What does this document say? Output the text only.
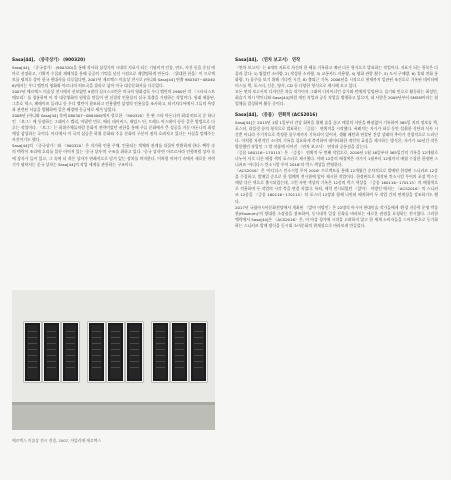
Sasa[44], 〈중국상가〉 (900320)

Sasa[44], 〈중국상가〉 (900320)을 통해 작사하 삼성가의 시대의 지표가 되는 기념비적 인물, 연도, 사건 등을 중심 매마로 선정하고, 기획적 수집과 재해석을 통해 공공의 기억을 낯선 시점으로 재발명하게 만든다. 〈위대한 한울〉이 프로젝트를 펼치루 상아 한국 현대사를 다루었다면, 2007년 제르엑스 미술상 전시로 (아니와 Sasa[44] 연출 980307~080406)에서는 우디 엘린의 영화와 마르나의 히트곡을 찰라로 삼아 미국 대중문화사를 다루었다.

2007년 에르엑스 미술상 전시에서 선보였던 9점의 실크스크린은 미국의 영화감독 우디 엘린의 1980년 작 〈스타더스트 메모리〉를 경유하여 이 작 대중영화의 원형을 만들어 낸 선결작 인용물의 실국 혹출을 기념하는 작업이다. 원래 제품된, 그후호 역스, 페레이즈 들러니 등 우디 엘린이 참조하고 인용했던 삼정의 인용물을 조사하고, 히키치디어에서 그들의 욕망과 관련된 서술을 발췌하여 같은 배경에 동급세로 세겨 넣었다.

2008년 (아니와 Sasa[44] 목에 080307~080406)에서 할로한 〈900320〉은 판 스타 마돈나의 최대 히트곡 중 하나인 〈보그〉에 등장하는 그래이스 켈리, 마릴린 먼로, 베티 데이비스, 제임스 딘, 프레드 아스테어 등등 같은 방법으로 다루는 작업이다. 〈보그〉는 하위주체들처럼 문화적 전략이었던 권한을 통해 주류 문화에서 큰 성공을 거둔 마돈나의 최정예상 삼성하는 곡이다. 마디에서 이 곡의 삼공은 하위 문화와 주류 문화의 구분이 점차 흐려지고 있다는 사실을 말해주는 사건이기도 했다.

Sasa[44]의 〈중국상가〉와 〈900320〉은 자가하 인용 주체, 인용되는 객체의 관계를 뒤집어 반환하게 한다. 택락 속의 텍락이 조리에 흐리를 블등 이어져 있는 '중국 상자'의 구조를 취하고 있다. '중국 상자'란 이르르서라 인형처럼 상자 속에 상자가 들어 있고, 그 속에 더 작은 상자가 연쇄적으로 담겨 있는 장치를 의미한다. 이처럼 이야기 속에서 새로운 이야기가 펼쳐지는 중국 상자는 Sasa[44]의 작업 세계를 관통하는 구조이다.

에르엑스 미술상 전시 전경, 2007, 아뜰리에 에르엑스

Sasa[44], 〈연차 보고서〉 연작

〈연차 보고서〉는 8개의 지표로 자신의 한 해를 기록하고 매년 다른 형식으로 발표하는 작업이다. 지표가 되는 항목은 다음과 같다: 1) 씹었던 소비량, 2) 작성한 소비량, 3) 교통카드 사용량, 4) 영화 관람 횟수, 5) 도서 구매량, 6) 휴대 전화 통화량, 7) 음주를 보기 위해 기다린 시간, 8) 출퇴근 기록. 2006년을 시작으로 현재까지 일관된 조건으로 기록된 데이터베이스를 책, 포스터, 신문, 영서, CD 등 다양한 형식으로 제시해 오고 있다.

모든 연차 보고서의 디자인은 차슬 작가이자 그래픽 디자이너인 슬기와 민에게 일임된다. 슬기와 민으로 활동하는 최성민, 최슬기 역시 박미나와 Sasa[44]처럼 개인 작업과 공동 작업을 병행하고 있으며, 네 사람은 2009년부터 SMSM이라는 협업체를 결성하여 활동 중이다.

Sasa[44], 〈증뭄〉 연획적 (ACS2016)

Sasa[44]는 2015년 1월 1일부터 건강 회복을 위해 술을 끊고 매일의 식단을 빠짐없이 기록하여 365일 치의 정보를 책, 포스터, 리플릿 등의 형식으로 발표하는 〈증뭄〉 연획적을 시작했다. 폭폐적는 자가가 하루 동안 섭취한 식단과 식사 시간뿐 아니라 주기적으로 측정한 몸무게까지 기록되어 있어서, 생활 패턴과 연결된 건강 상태의 추이가 건접적으로 드러난다. 이처럼 자현적인 소비의 기록을 집요하게 축적하여 데이터화한 개인의 효심을 제시하는 방식은, 자가가 10년간 작은 발한했던 작업인 그 밖 작품에 이어진 〈연차 보고서〉 연작과 공통점을 갖는다.

〈증뭄 160116~170115〉은 〈증뭄〉 연획적 두 번째 작업으로, 2016년 1월 16일부터 365일간의 기록을 12개월로 나누어 서로 다른 배경 색의 포스터로 제시했다. 이때 12종의 배경색은 자가가 1월부터 12월까지 매월 수집한 한정판 스니커즈 '아디다스 컨소시엄 투어 2016'의 박스 색상을 반영한다.

〈ACS2016〉은 '아디다스 컨소시엄 투어 2016' 프로젝트를 통해 12개월간 순차적으로 발매된 한정판 스니커즈 12종을 수집하고, 발매일 순으로 한 열례씩 전시함에 앞아 제시한 작업이다. 한정판으로 제작된 컨소시엄 투어의 포장 박스는 매달 다른 색으로 출시되었는데, 그런 자연 색상의 기록은 12종의 박스 색상을 〈증뭄 160116~170115〉의 배경색으로 적용하며 두 작업의 시각 측을 연결 지었다. 특히, 캐릭 전시되었던 〈앉아〉 이방인 에서는 〈ACS2016〉의 스니커즈 12종을 〈증뭄 160116~170115〉의 포스터 12장과 함께 나란히 배치하여 두 작업 간의 연계성을 강조하기도 했다.

2017년 국립아시아문화전당에서 개최된 〈앉아 이방인〉은 22명의 아시아 현대미술 작가들에게 '환경 지중력 운명 박물관(Museum)'의 방대한 소장품을 참조하여, 동시대적 일상 문화를 바라보는 새로운 관점을 요청하는 전시였다. 그러한 맥락에서 Sasa[44]은 〈ACS2016〉은, 이 아상 경가에 시작을 고려하지 않고 한 세계 소비자들을 스머트폰으로 동기화하는 스니커즈 발매 방식을 동시대 소비문화의 편재성으로 바라보게 만들었다.
